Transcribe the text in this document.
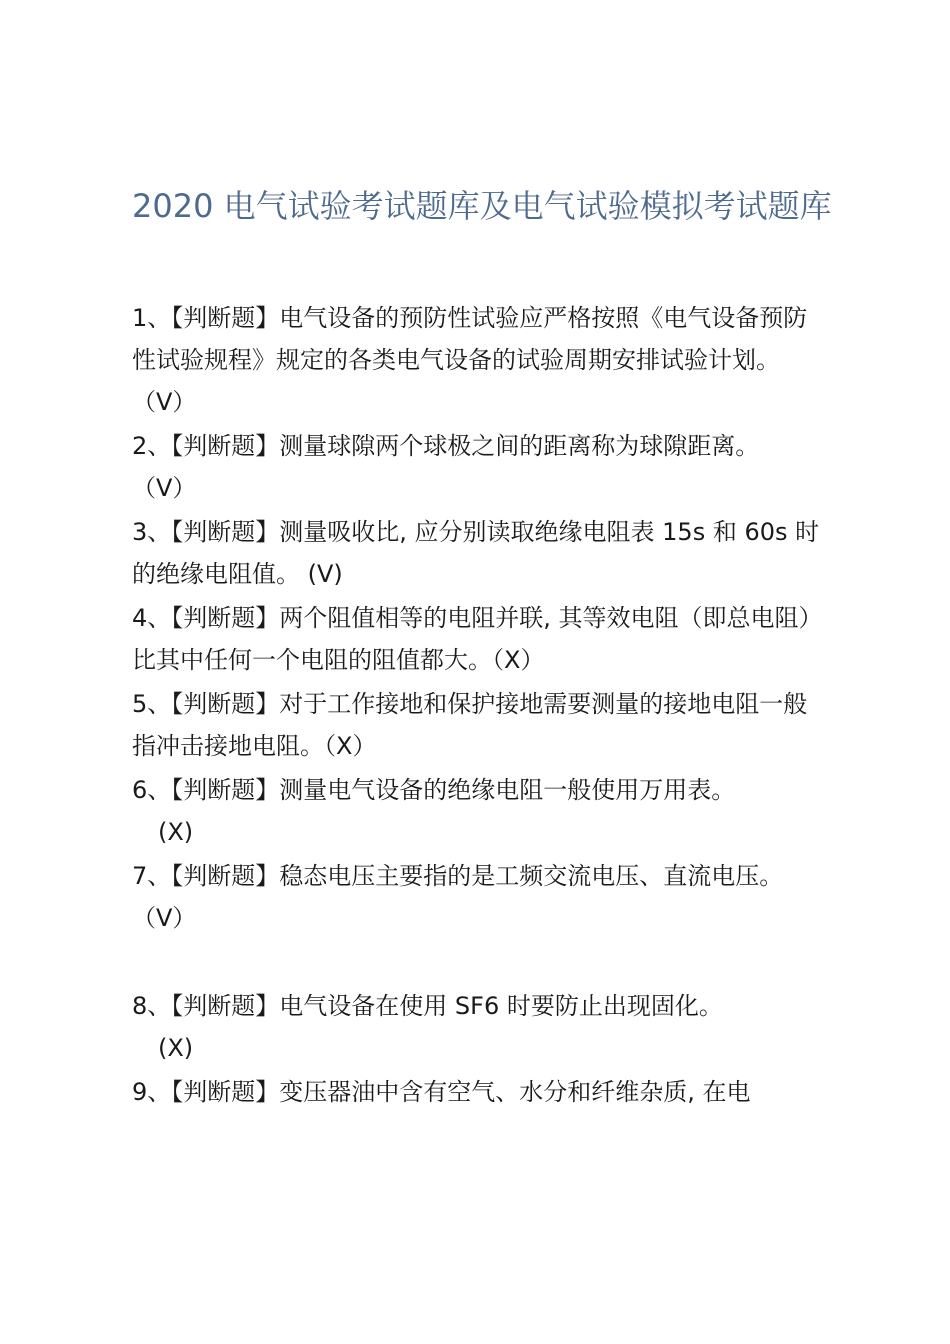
2020 电气试验考试题库及电气试验模拟考试题库
1、【判断题】电气设备的预防性试验应严格按照《电气设备预防性试验规程》规定的各类电气设备的试验周期安排试验计划。（V）
2、【判断题】测量球隙两个球极之间的距离称为球隙距离。
（V）
3、【判断题】测量吸收比, 应分别读取绝缘电阻表 15s 和 60s 时的绝缘电阻值。 (V)
4、【判断题】两个阻值相等的电阻并联, 其等效电阻（即总电阻）比其中任何一个电阻的阻值都大。（X）
5、【判断题】对于工作接地和保护接地需要测量的接地电阻一般指冲击接地电阻。（X）
6、【判断题】测量电气设备的绝缘电阻一般使用万用表。
(X)
7、【判断题】稳态电压主要指的是工频交流电压、直流电压。（V）
8、【判断题】电气设备在使用 SF6 时要防止出现固化。
(X)
9、【判断题】变压器油中含有空气、水分和纤维杂质, 在电
